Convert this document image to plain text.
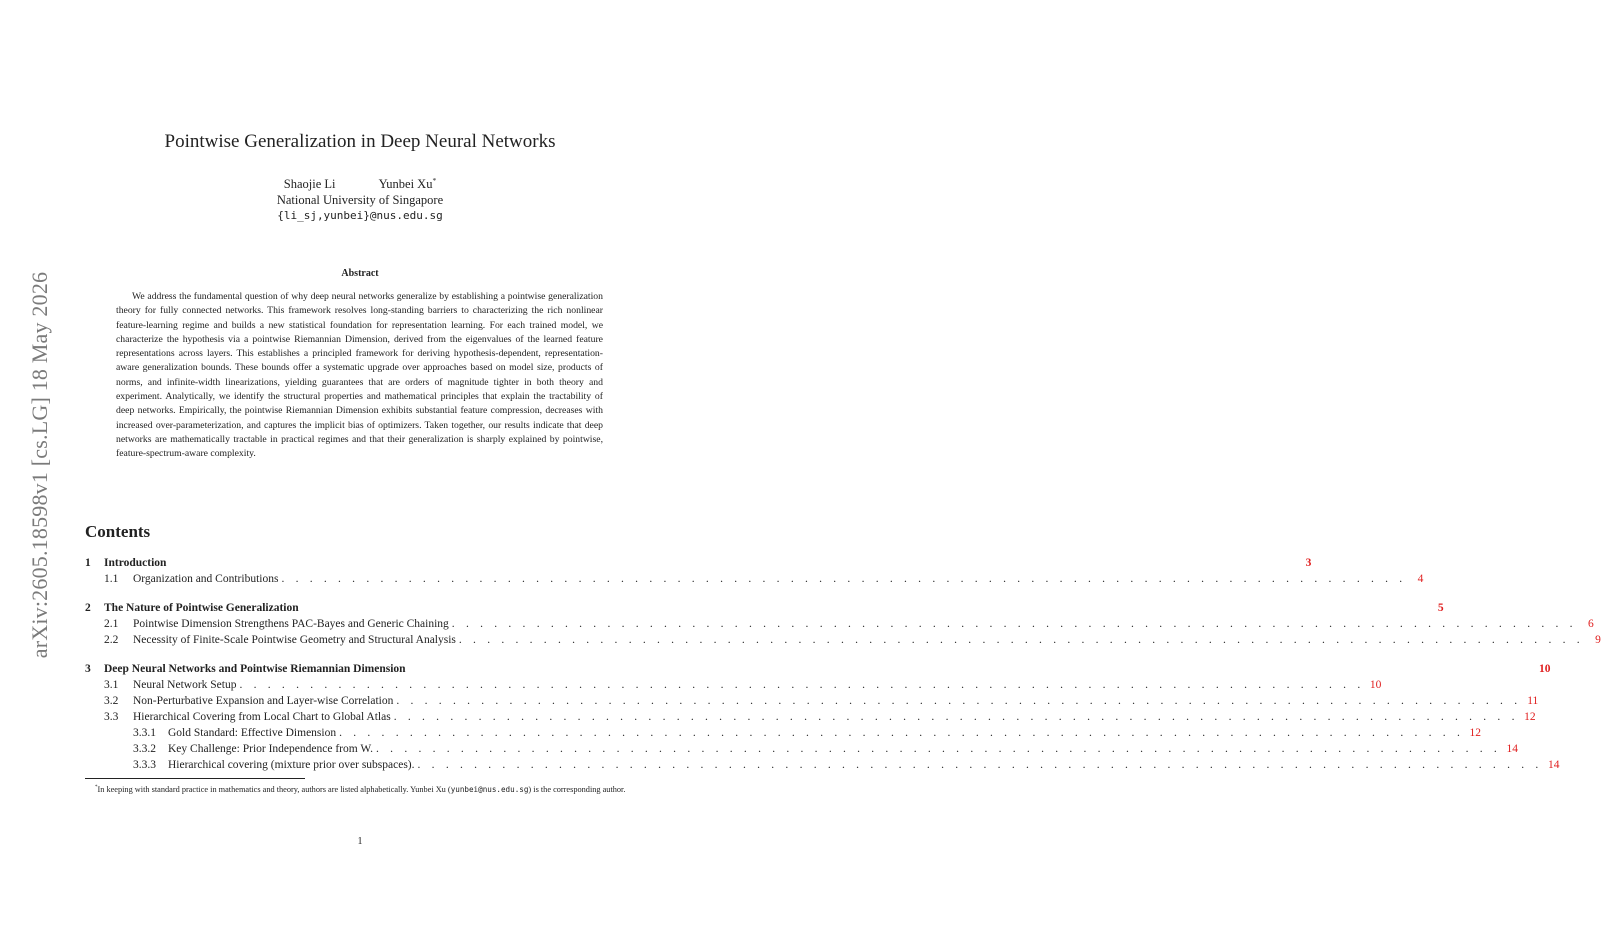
arXiv:2605.18598v1 [cs.LG] 18 May 2026
Pointwise Generalization in Deep Neural Networks
Shaojie Li	Yunbei Xu*
National University of Singapore
{li_sj,yunbei}@nus.edu.sg
Abstract

We address the fundamental question of why deep neural networks generalize by establishing a pointwise generalization theory for fully connected networks. This framework resolves long-standing barriers to characterizing the rich nonlinear feature-learning regime and builds a new statistical foundation for representation learning. For each trained model, we characterize the hypothesis via a pointwise Riemannian Dimension, derived from the eigenvalues of the learned feature representations across layers. This establishes a principled framework for deriving hypothesis-dependent, representation-aware generalization bounds. These bounds offer a systematic upgrade over approaches based on model size, products of norms, and infinite-width linearizations, yielding guarantees that are orders of magnitude tighter in both theory and experiment. Analytically, we identify the structural properties and mathematical principles that explain the tractability of deep networks. Empirically, the pointwise Riemannian Dimension exhibits substantial feature compression, decreases with increased over-parameterization, and captures the implicit bias of optimizers. Taken together, our results indicate that deep networks are mathematically tractable in practical regimes and that their generalization is sharply explained by pointwise, feature-spectrum-aware complexity.

Contents
1	Introduction	3
1.1	Organization and Contributions . . . . . . . . . . . . . . . . . . . . . . . . . . . . . . . . . . . . . . . . . . . . . . . . . . . . . . . . . . . . . . . . . . . . . . . . . . . . . . . . 4
2	The Nature of Pointwise Generalization	5
2.1	Pointwise Dimension Strengthens PAC-Bayes and Generic Chaining . . . . . . . . . . . . . . . . . . . . . . . . . . . . . . . . . . . . . . . . . . . . . . . . . . . . . . . . . . . . . . . . . . . . . . . . . . . . . . . . 6
2.2	Necessity of Finite-Scale Pointwise Geometry and Structural Analysis . . . . . . . . . . . . . . . . . . . . . . . . . . . . . . . . . . . . . . . . . . . . . . . . . . . . . . . . . . . . . . . . . . . . . . . . . . . . . . . . 9
3	Deep Neural Networks and Pointwise Riemannian Dimension	10
3.1	Neural Network Setup . . . . . . . . . . . . . . . . . . . . . . . . . . . . . . . . . . . . . . . . . . . . . . . . . . . . . . . . . . . . . . . . . . . . . . . . . . . . . . . . 10
3.2	Non-Perturbative Expansion and Layer-wise Correlation . . . . . . . . . . . . . . . . . . . . . . . . . . . . . . . . . . . . . . . . . . . . . . . . . . . . . . . . . . . . . . . . . . . . . . . . . . . . . . . . 11
3.3	Hierarchical Covering from Local Chart to Global Atlas . . . . . . . . . . . . . . . . . . . . . . . . . . . . . . . . . . . . . . . . . . . . . . . . . . . . . . . . . . . . . . . . . . . . . . . . . . . . . . . . 12
3.3.1	Gold Standard: Effective Dimension . . . . . . . . . . . . . . . . . . . . . . . . . . . . . . . . . . . . . . . . . . . . . . . . . . . . . . . . . . . . . . . . . . . . . . . . . . . . . . . . 12
3.3.2	Key Challenge: Prior Independence from W. . . . . . . . . . . . . . . . . . . . . . . . . . . . . . . . . . . . . . . . . . . . . . . . . . . . . . . . . . . . . . . . . . . . . . . . . . . . . . . . . 14
3.3.3	Hierarchical covering (mixture prior over subspaces). . . . . . . . . . . . . . . . . . . . . . . . . . . . . . . . . . . . . . . . . . . . . . . . . . . . . . . . . . . . . . . . . . . . . . . . . . . . . . . . . 14

*In keeping with standard practice in mathematics and theory, authors are listed alphabetically. Yunbei Xu (yunbei@nus.edu.sg) is the corresponding author.

1
